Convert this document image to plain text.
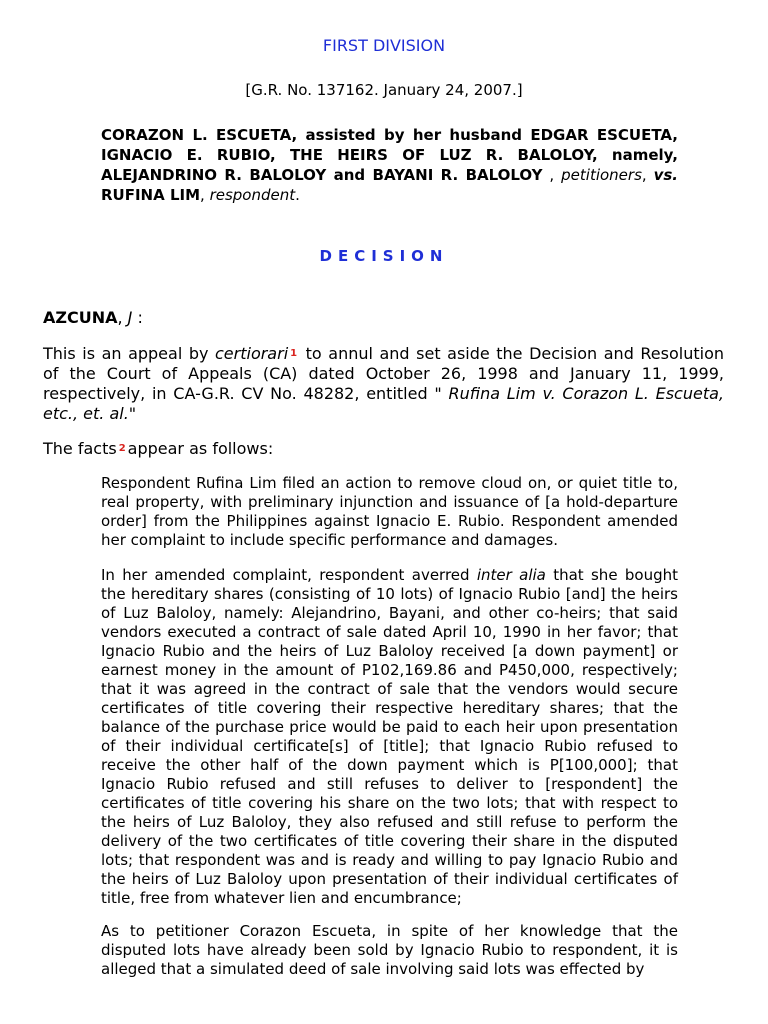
FIRST DIVISION
[G.R. No. 137162. January 24, 2007.]
CORAZON L. ESCUETA, assisted by her husband EDGAR ESCUETA, IGNACIO E. RUBIO, THE HEIRS OF LUZ R. BALOLOY, namely, ALEJANDRINO R. BALOLOY and BAYANI R. BALOLOY , petitioners, vs. RUFINA LIM, respondent.
DECISION
AZCUNA, J :
This is an appeal by certiorari 1 to annul and set aside the Decision and Resolution of the Court of Appeals (CA) dated October 26, 1998 and January 11, 1999, respectively, in CA-G.R. CV No. 48282, entitled " Rufina Lim v. Corazon L. Escueta, etc., et. al."
The facts 2 appear as follows:
Respondent Rufina Lim filed an action to remove cloud on, or quiet title to, real property, with preliminary injunction and issuance of [a hold-departure order] from the Philippines against Ignacio E. Rubio. Respondent amended her complaint to include specific performance and damages.
In her amended complaint, respondent averred inter alia that she bought the hereditary shares (consisting of 10 lots) of Ignacio Rubio [and] the heirs of Luz Baloloy, namely: Alejandrino, Bayani, and other co-heirs; that said vendors executed a contract of sale dated April 10, 1990 in her favor; that Ignacio Rubio and the heirs of Luz Baloloy received [a down payment] or earnest money in the amount of P102,169.86 and P450,000, respectively; that it was agreed in the contract of sale that the vendors would secure certificates of title covering their respective hereditary shares; that the balance of the purchase price would be paid to each heir upon presentation of their individual certificate[s] of [title]; that Ignacio Rubio refused to receive the other half of the down payment which is P[100,000]; that Ignacio Rubio refused and still refuses to deliver to [respondent] the certificates of title covering his share on the two lots; that with respect to the heirs of Luz Baloloy, they also refused and still refuse to perform the delivery of the two certificates of title covering their share in the disputed lots; that respondent was and is ready and willing to pay Ignacio Rubio and the heirs of Luz Baloloy upon presentation of their individual certificates of title, free from whatever lien and encumbrance;
As to petitioner Corazon Escueta, in spite of her knowledge that the disputed lots have already been sold by Ignacio Rubio to respondent, it is alleged that a simulated deed of sale involving said lots was effected by
